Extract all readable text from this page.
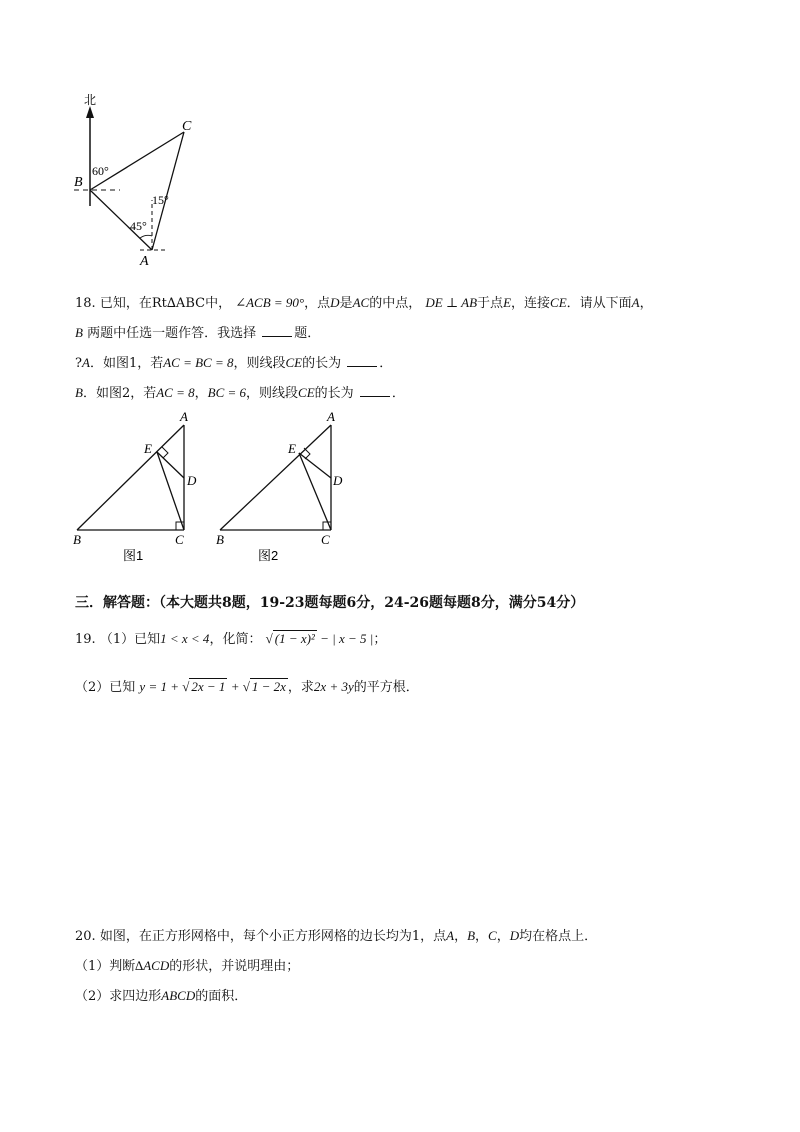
北
B
C
A
60°
15°
45°
18. 已知，在Rt∆ABC中， ∠ACB = 90°，点D是AC的中点， DE ⊥ AB于点E，连接CE．请从下面A，
B 两题中任选一题作答．我选择	题．
?A．如图1，若AC = BC = 8，则线段CE的长为	．
B．如图2，若AC = 8，BC = 6，则线段CE的长为	．
A
E
D
B	C
图1
A
E
D
B	C
图2
三．解答题：（本大题共8题，19-23题每题6分，24-26题每题8分，满分54分）
19. （1）已知1 < x < 4，化简： √ (1 − x)² − | x − 5 |；
（2）已知 y = 1 + √ 2x − 1 + √ 1 − 2x ，求2x + 3y的平方根．
20. 如图，在正方形网格中，每个小正方形网格的边长均为1，点A，B，C，D均在格点上．
（1）判断∆ACD的形状，并说明理由；
（2）求四边形ABCD的面积．
